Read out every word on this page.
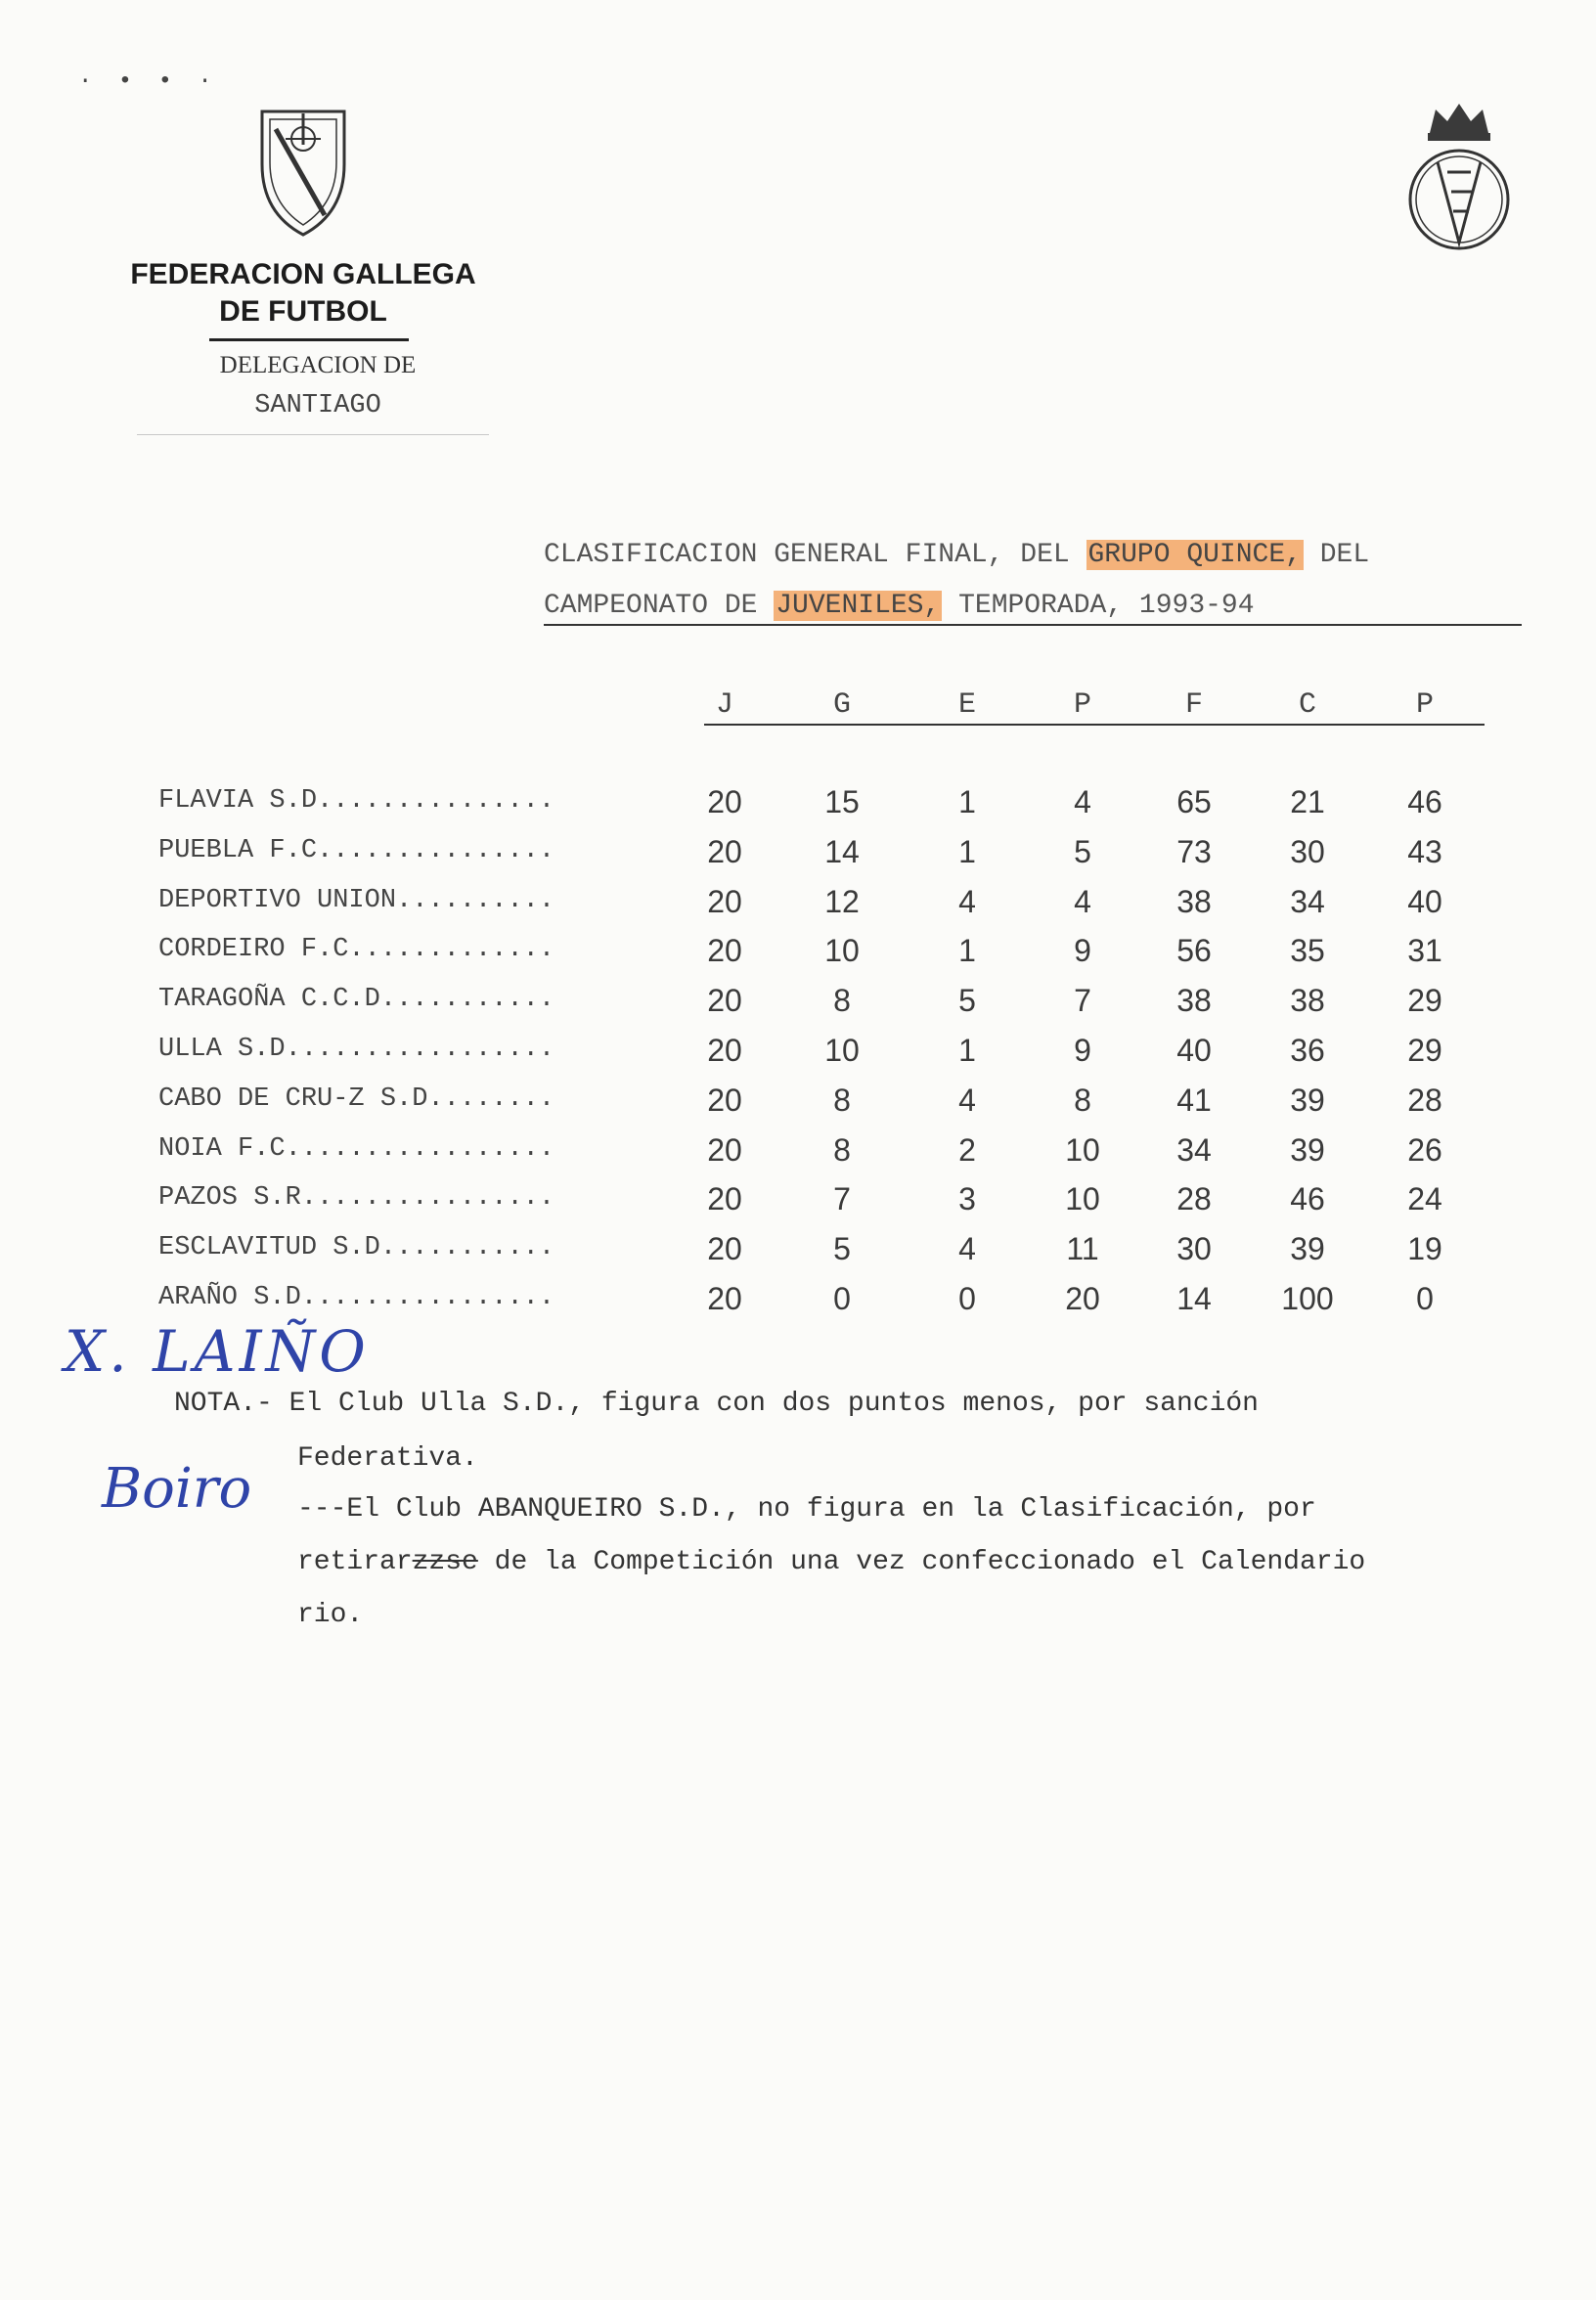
· • • ·
FEDERACION GALLEGA
DE FUTBOL
DELEGACION DE
SANTIAGO
CLASIFICACION GENERAL FINAL, DEL GRUPO QUINCE, DEL
CAMPEONATO DE JUVENILES, TEMPORADA, 1993-94
J	G	E	P	F	C	P
FLAVIA S.D...............	20	15	1	4	65	21	46
PUEBLA F.C...............	20	14	1	5	73	30	43
DEPORTIVO UNION..........	20	12	4	4	38	34	40
CORDEIRO F.C.............	20	10	1	9	56	35	31
TARAGOÑA C.C.D...........	20	8	5	7	38	38	29
ULLA S.D.................	20	10	1	9	40	36	29
CABO DE CRU-Z S.D........	20	8	4	8	41	39	28
NOIA F.C.................	20	8	2	10	34	39	26
PAZOS S.R................	20	7	3	10	28	46	24
ESCLAVITUD S.D...........	20	5	4	11	30	39	19
ARAÑO S.D................	20	0	0	20	14	100	0
NOTA.- El Club Ulla S.D., figura con dos puntos menos, por sanción
Federativa.
---El Club ABANQUEIRO S.D., no figura en la Clasificación, por
retirarzzse de la Competición una vez confeccionado el Calendario
rio.
X. LAIÑO
Boiro
